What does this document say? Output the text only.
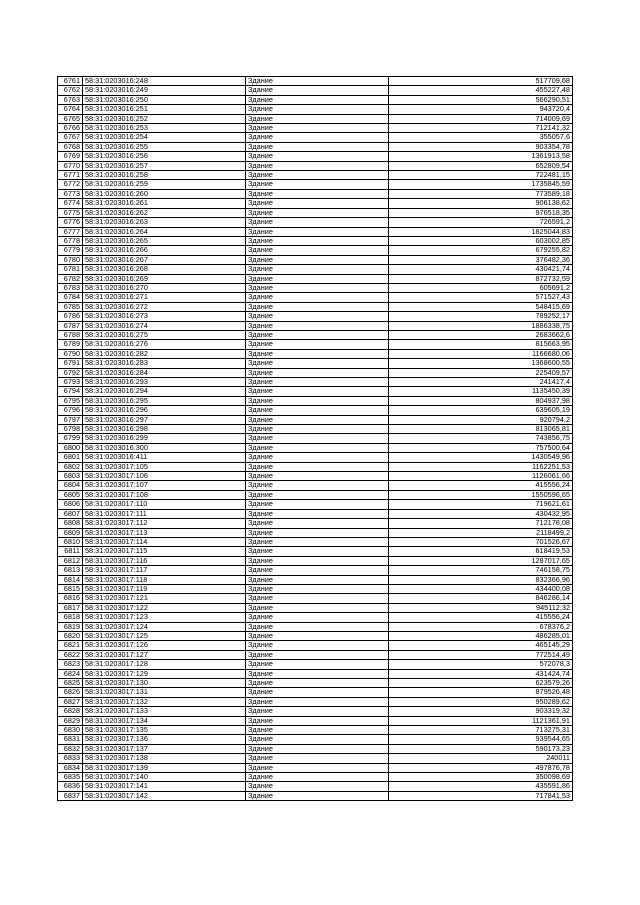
6761	58:31:0203016:248	Здание	517709,68
6762	58:31:0203016:249	Здание	455227,48
6763	58:31:0203016:250	Здание	566290,51
6764	58:31:0203016:251	Здание	943720,4
6765	58:31:0203016:252	Здание	714009,69
6766	58:31:0203016:253	Здание	712141,32
6767	58:31:0203016:254	Здание	355057,6
6768	58:31:0203016:255	Здание	903354,78
6769	58:31:0203016:256	Здание	1361913,58
6770	58:31:0203016:257	Здание	652809,54
6771	58:31:0203016:258	Здание	722481,15
6772	58:31:0203016:259	Здание	1735845,59
6773	58:31:0203016:260	Здание	773589,18
6774	58:31:0203016:261	Здание	906138,62
6775	58:31:0203016:262	Здание	976518,35
6776	58:31:0203016:263	Здание	726591,2
6777	58:31:0203016:264	Здание	1825044,83
6778	58:31:0203016:265	Здание	603002,85
6779	58:31:0203016:266	Здание	679255,82
6780	58:31:0203016:267	Здание	376482,36
6781	58:31:0203016:268	Здание	430421,74
6782	58:31:0203016:269	Здание	872732,59
6783	58:31:0203016:270	Здание	605691,2
6784	58:31:0203016:271	Здание	571527,43
6785	58:31:0203016:272	Здание	548415,69
6786	58:31:0203016:273	Здание	789252,17
6787	58:31:0203016:274	Здание	1886338,75
6788	58:31:0203016:275	Здание	2683662,6
6789	58:31:0203016:276	Здание	815663,95
6790	58:31:0203016:282	Здание	1166680,06
6791	58:31:0203016:283	Здание	1368600,55
6792	58:31:0203016:284	Здание	225409,57
6793	58:31:0203016:293	Здание	241417,4
6794	58:31:0203016:294	Здание	1135450,39
6795	58:31:0203016:295	Здание	804937,98
6796	58:31:0203016:296	Здание	639605,19
6797	58:31:0203016:297	Здание	920794,2
6798	58:31:0203016:298	Здание	813065,81
6799	58:31:0203016:299	Здание	743856,75
6800	58:31:0203016:300	Здание	757500,64
6801	58:31:0203016:411	Здание	1430549,96
6802	58:31:0203017:105	Здание	1162251,53
6803	58:31:0203017:106	Здание	1126061,66
6804	58:31:0203017:107	Здание	415556,24
6805	58:31:0203017:108	Здание	1550596,65
6806	58:31:0203017:110	Здание	719621,61
6807	58:31:0203017:111	Здание	430432,95
6808	58:31:0203017:112	Здание	712178,08
6809	58:31:0203017:113	Здание	2118499,2
6810	58:31:0203017:114	Здание	701526,67
6811	58:31:0203017:115	Здание	618419,53
6812	58:31:0203017:116	Здание	1287017,65
6813	58:31:0203017:117	Здание	746158,75
6814	58:31:0203017:118	Здание	832366,96
6815	58:31:0203017:119	Здание	434400,08
6816	58:31:0203017:121	Здание	846286,14
6817	58:31:0203017:122	Здание	945112,32
6818	58:31:0203017:123	Здание	415556,24
6819	58:31:0203017:124	Здание	678376,2
6820	58:31:0203017:125	Здание	486285,01
6821	58:31:0203017:126	Здание	465145,29
6822	58:31:0203017:127	Здание	772514,49
6823	58:31:0203017:128	Здание	572078,3
6824	58:31:0203017:129	Здание	431424,74
6825	58:31:0203017:130	Здание	623579,26
6826	58:31:0203017:131	Здание	879526,48
6827	58:31:0203017:132	Здание	950289,62
6828	58:31:0203017:133	Здание	903319,32
6829	58:31:0203017:134	Здание	1121361,91
6830	58:31:0203017:135	Здание	713275,31
6831	58:31:0203017:136	Здание	939544,65
6832	58:31:0203017:137	Здание	590173,23
6833	58:31:0203017:138	Здание	240011
6834	58:31:0203017:139	Здание	497876,78
6835	58:31:0203017:140	Здание	350098,69
6836	58:31:0203017:141	Здание	435591,86
6837	58:31:0203017:142	Здание	717841,53
